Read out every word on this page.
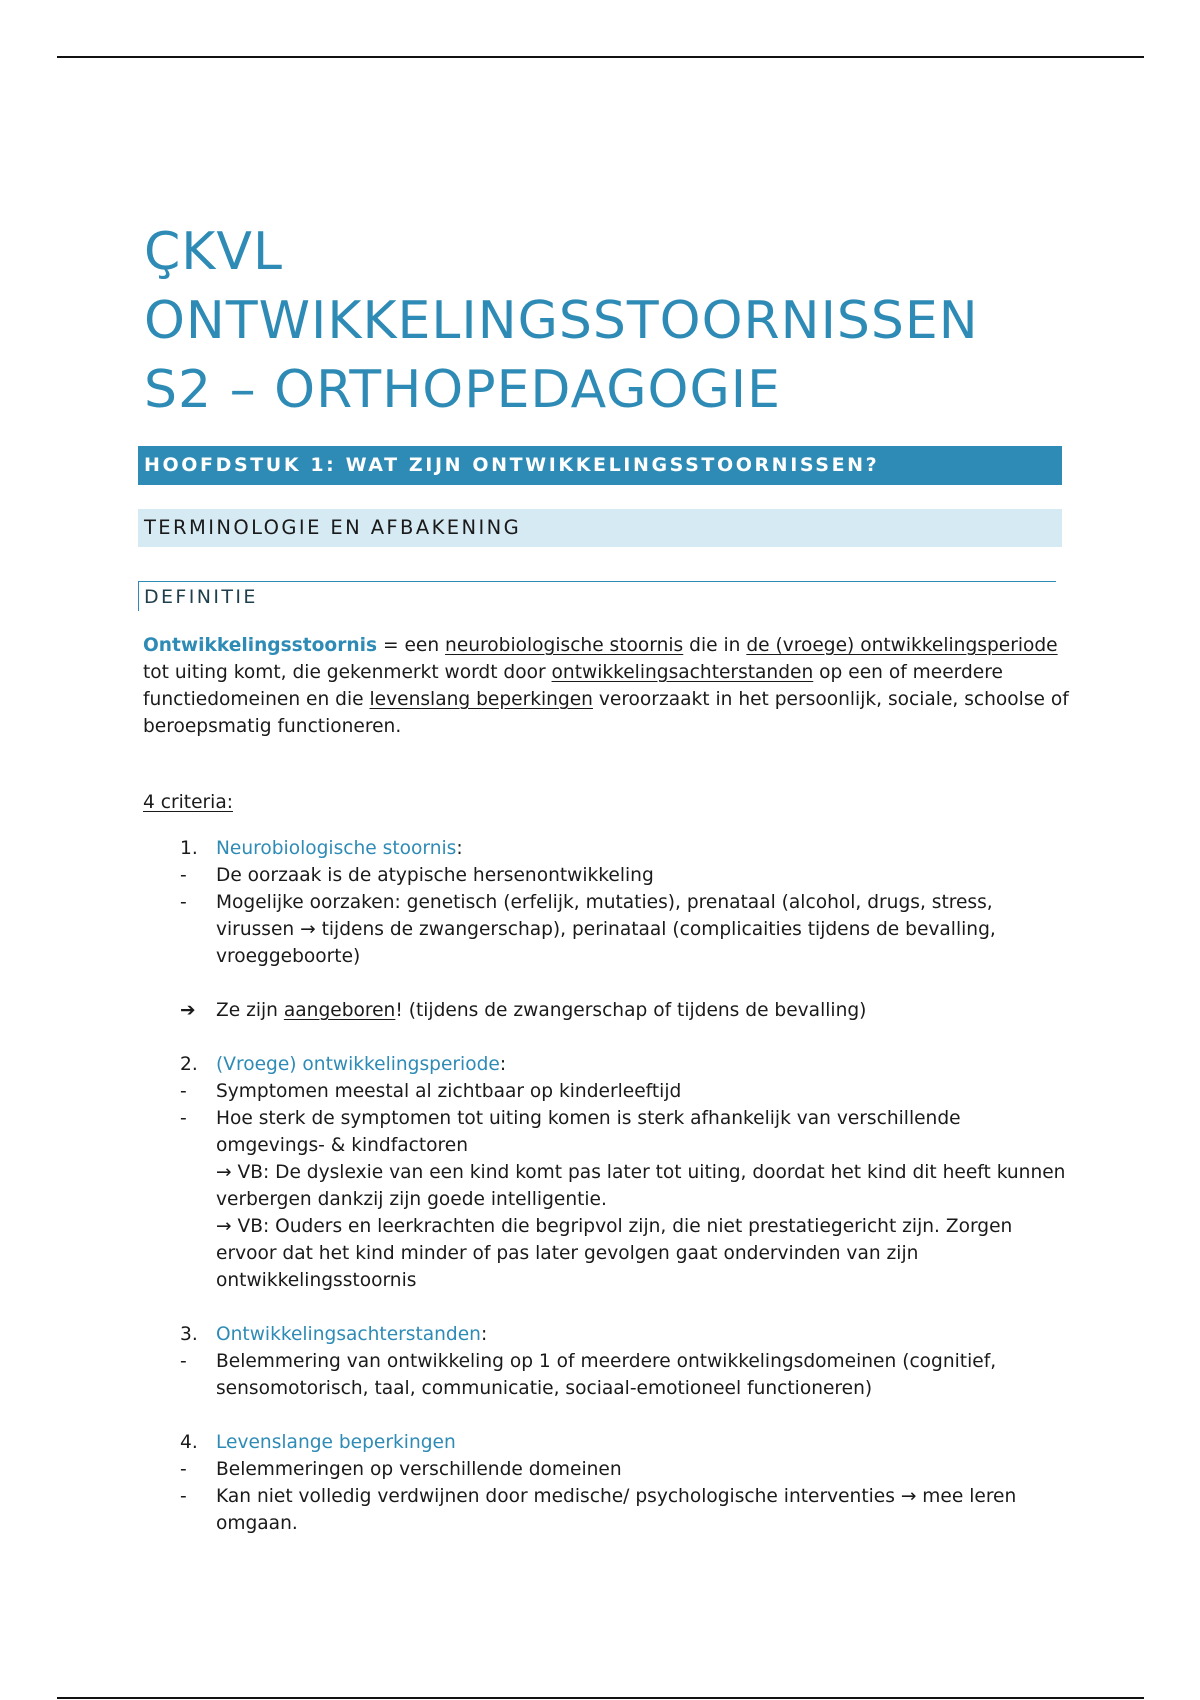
ÇKVL
ONTWIKKELINGSSTOORNISSEN
S2 – ORTHOPEDAGOGIE
HOOFDSTUK 1: WAT ZIJN ONTWIKKELINGSSTOORNISSEN?
TERMINOLOGIE EN AFBAKENING
DEFINITIE

Ontwikkelingsstoornis = een neurobiologische stoornis die in de (vroege) ontwikkelingsperiode tot uiting komt, die gekenmerkt wordt door ontwikkelingsachterstanden op een of meerdere functiedomeinen en die levenslang beperkingen veroorzaakt in het persoonlijk, sociale, schoolse of beroepsmatig functioneren.

4 criteria:
1. Neurobiologische stoornis:
- De oorzaak is de atypische hersenontwikkeling
- Mogelijke oorzaken: genetisch (erfelijk, mutaties), prenataal (alcohol, drugs, stress, virussen → tijdens de zwangerschap), perinataal (complicaities tijdens de bevalling, vroeggeboorte)
➔ Ze zijn aangeboren! (tijdens de zwangerschap of tijdens de bevalling)
2. (Vroege) ontwikkelingsperiode:
- Symptomen meestal al zichtbaar op kinderleeftijd
- Hoe sterk de symptomen tot uiting komen is sterk afhankelijk van verschillende omgevings- & kindfactoren
→ VB: De dyslexie van een kind komt pas later tot uiting, doordat het kind dit heeft kunnen verbergen dankzij zijn goede intelligentie.
→ VB: Ouders en leerkrachten die begripvol zijn, die niet prestatiegericht zijn. Zorgen ervoor dat het kind minder of pas later gevolgen gaat ondervinden van zijn ontwikkelingsstoornis
3. Ontwikkelingsachterstanden:
- Belemmering van ontwikkeling op 1 of meerdere ontwikkelingsdomeinen (cognitief, sensomotorisch, taal, communicatie, sociaal-emotioneel functioneren)
4. Levenslange beperkingen
- Belemmeringen op verschillende domeinen
- Kan niet volledig verdwijnen door medische/ psychologische interventies → mee leren omgaan.
